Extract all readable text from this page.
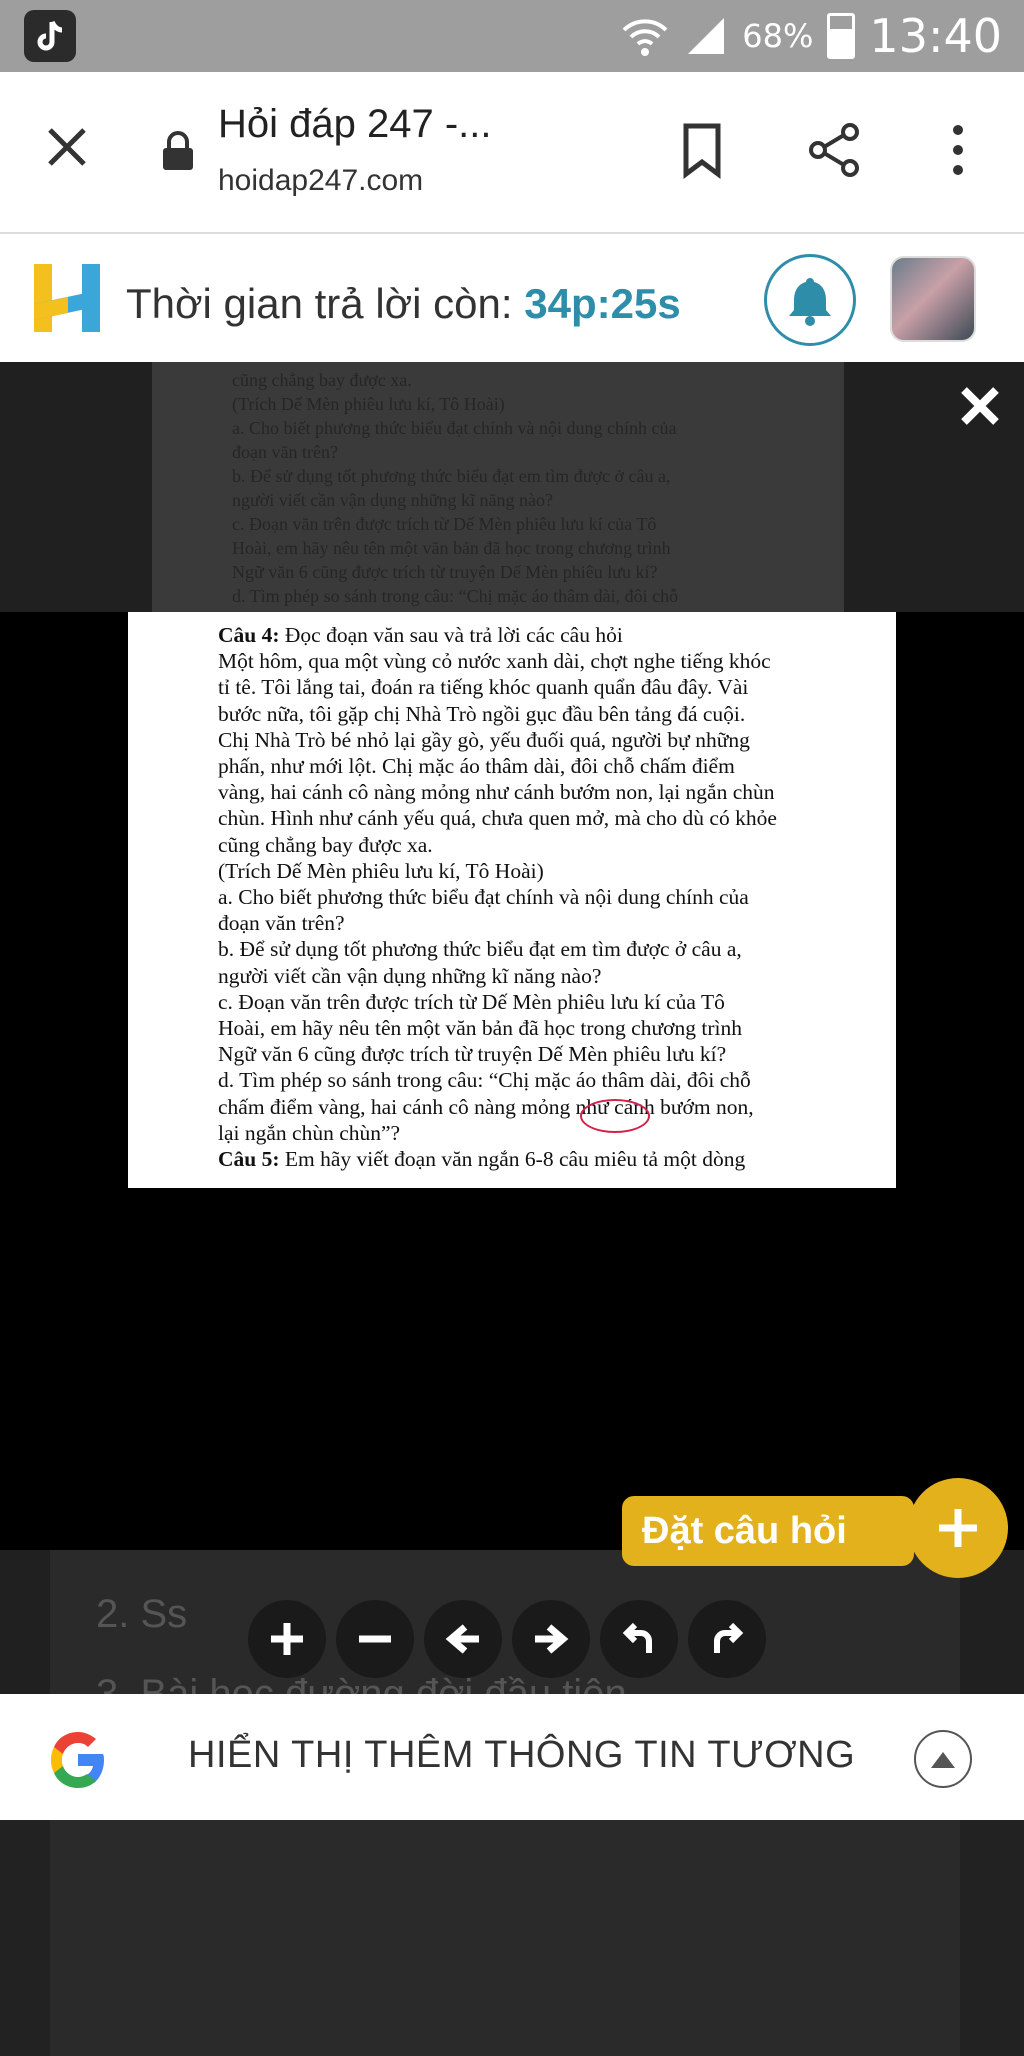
68% 13:40
Hỏi đáp 247 -...
hoidap247.com
Thời gian trả lời còn: 34p:25s
cũng chẳng bay được xa.
(Trích Dế Mèn phiêu lưu kí, Tô Hoài)
a. Cho biết phương thức biểu đạt chính và nội dung chính của
đoạn văn trên?
b. Để sử dụng tốt phương thức biểu đạt em tìm được ở câu a,
người viết cần vận dụng những kĩ năng nào?
c. Đoạn văn trên được trích từ Dế Mèn phiêu lưu kí của Tô
Hoài, em hãy nêu tên một văn bản đã học trong chương trình
Ngữ văn 6 cũng được trích từ truyện Dế Mèn phiêu lưu kí?
d. Tìm phép so sánh trong câu: “Chị mặc áo thâm dài, đôi chỗ
2. Ss
Câu 4: Đọc đoạn văn sau và trả lời các câu hỏi
Một hôm, qua một vùng cỏ nước xanh dài, chợt nghe tiếng khóc
tỉ tê. Tôi lắng tai, đoán ra tiếng khóc quanh quẩn đâu đây. Vài
bước nữa, tôi gặp chị Nhà Trò ngồi gục đầu bên tảng đá cuội.
Chị Nhà Trò bé nhỏ lại gầy gò, yếu đuối quá, người bự những
phấn, như mới lột. Chị mặc áo thâm dài, đôi chỗ chấm điểm
vàng, hai cánh cô nàng mỏng như cánh bướm non, lại ngắn chùn
chùn. Hình như cánh yếu quá, chưa quen mở, mà cho dù có khỏe
cũng chẳng bay được xa.
(Trích Dế Mèn phiêu lưu kí, Tô Hoài)
a. Cho biết phương thức biểu đạt chính và nội dung chính của
đoạn văn trên?
b. Để sử dụng tốt phương thức biểu đạt em tìm được ở câu a,
người viết cần vận dụng những kĩ năng nào?
c. Đoạn văn trên được trích từ Dế Mèn phiêu lưu kí của Tô
Hoài, em hãy nêu tên một văn bản đã học trong chương trình
Ngữ văn 6 cũng được trích từ truyện Dế Mèn phiêu lưu kí?
d. Tìm phép so sánh trong câu: “Chị mặc áo thâm dài, đôi chỗ
chấm điểm vàng, hai cánh cô nàng mỏng như cánh bướm non,
lại ngắn chùn chùn”?
Câu 5: Em hãy viết đoạn văn ngắn 6-8 câu miêu tả một dòng
Đặt câu hỏi
HIỂN THỊ THÊM THÔNG TIN TƯƠNG
